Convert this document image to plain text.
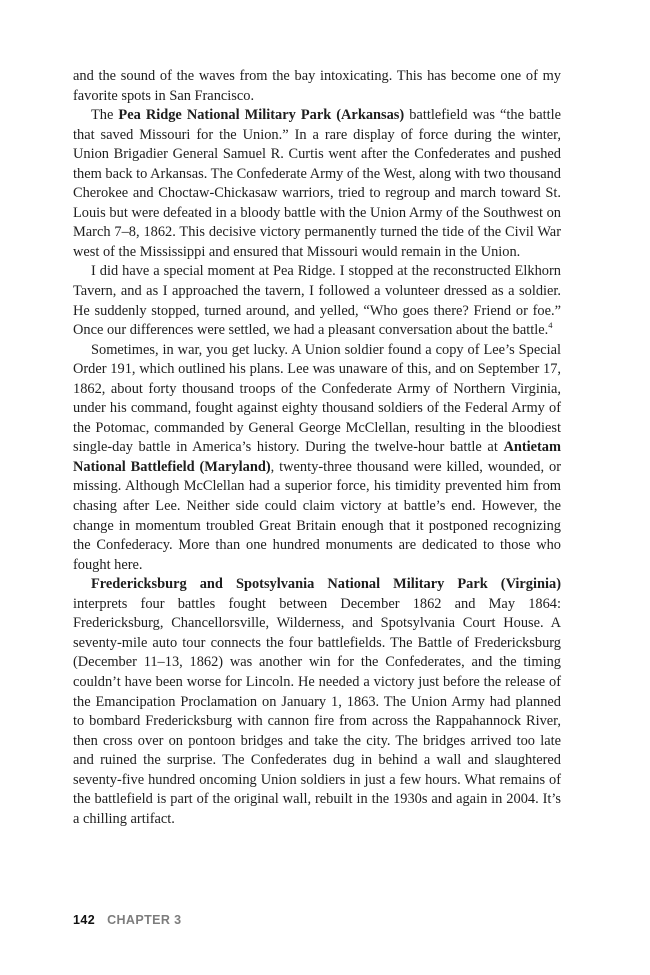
and the sound of the waves from the bay intoxicating. This has become one of my favorite spots in San Francisco.

The Pea Ridge National Military Park (Arkansas) battlefield was “the battle that saved Missouri for the Union.” In a rare display of force during the winter, Union Brigadier General Samuel R. Curtis went after the Confederates and pushed them back to Arkansas. The Confederate Army of the West, along with two thousand Cherokee and Choctaw-Chickasaw warriors, tried to regroup and march toward St. Louis but were defeated in a bloody battle with the Union Army of the Southwest on March 7–8, 1862. This decisive victory permanently turned the tide of the Civil War west of the Mississippi and ensured that Missouri would remain in the Union.

I did have a special moment at Pea Ridge. I stopped at the reconstructed Elkhorn Tavern, and as I approached the tavern, I followed a volunteer dressed as a soldier. He suddenly stopped, turned around, and yelled, “Who goes there? Friend or foe.” Once our differences were settled, we had a pleasant conversation about the battle.$^4$

Sometimes, in war, you get lucky. A Union soldier found a copy of Lee’s Special Order 191, which outlined his plans. Lee was unaware of this, and on September 17, 1862, about forty thousand troops of the Confederate Army of Northern Virginia, under his command, fought against eighty thousand soldiers of the Federal Army of the Potomac, commanded by General George McClellan, resulting in the bloodiest single-day battle in America’s history. During the twelve-hour battle at Antietam National Battlefield (Maryland), twenty-three thousand were killed, wounded, or missing. Although McClellan had a superior force, his timidity prevented him from chasing after Lee. Neither side could claim victory at battle’s end. However, the change in momentum troubled Great Britain enough that it postponed recognizing the Confederacy. More than one hundred monuments are dedicated to those who fought here.

Fredericksburg and Spotsylvania National Military Park (Virginia) interprets four battles fought between December 1862 and May 1864: Fredericksburg, Chancellorsville, Wilderness, and Spotsylvania Court House. A seventy-mile auto tour connects the four battlefields. The Battle of Fredericksburg (December 11–13, 1862) was another win for the Confederates, and the timing couldn’t have been worse for Lincoln. He needed a victory just before the release of the Emancipation Proclamation on January 1, 1863. The Union Army had planned to bombard Fredericksburg with cannon fire from across the Rappahannock River, then cross over on pontoon bridges and take the city. The bridges arrived too late and ruined the surprise. The Confederates dug in behind a wall and slaughtered seventy-five hundred oncoming Union soldiers in just a few hours. What remains of the battlefield is part of the original wall, rebuilt in the 1930s and again in 2004. It’s a chilling artifact.

142 CHAPTER 3
